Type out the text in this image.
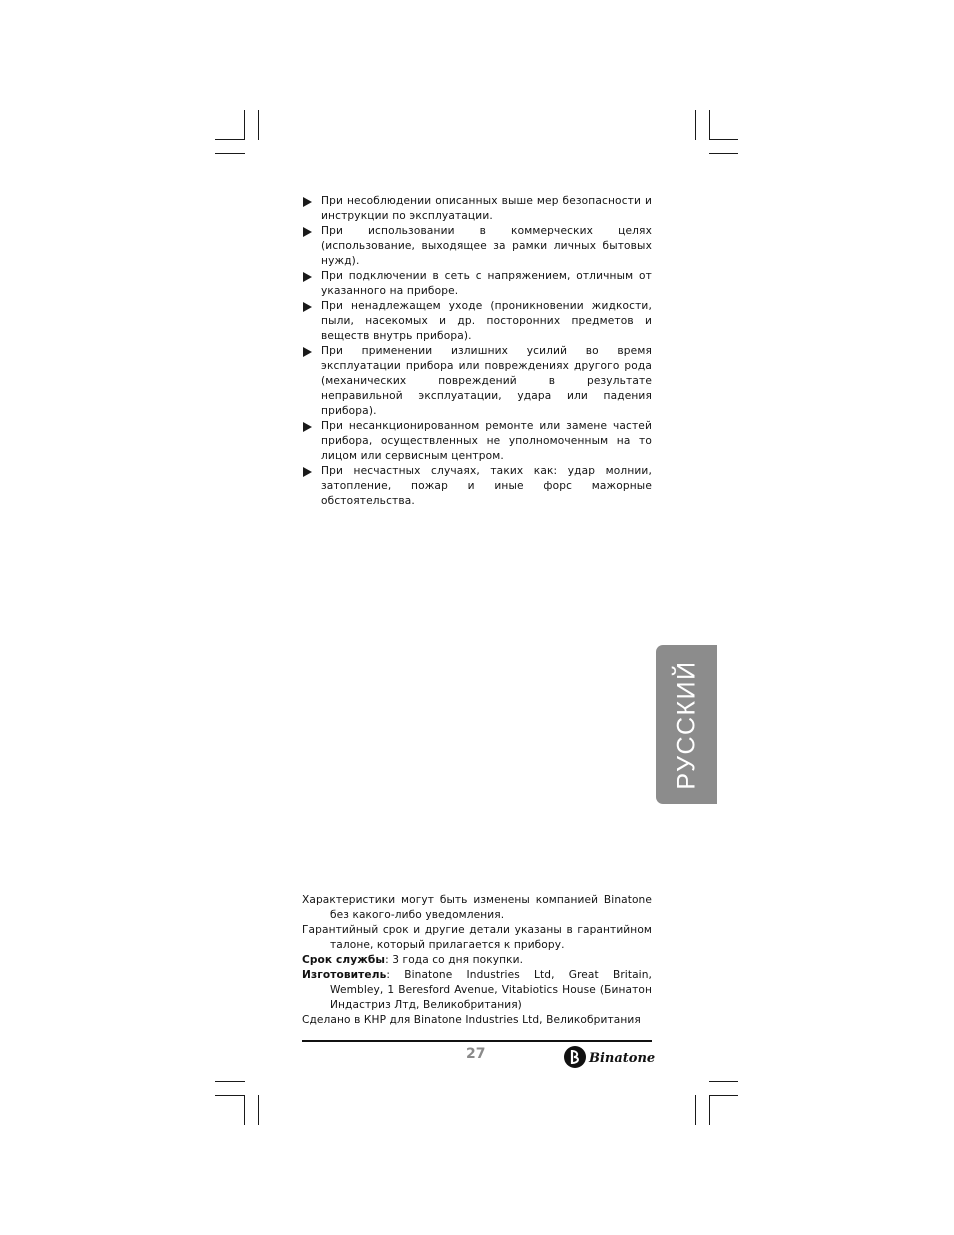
При несоблюдении описанных выше мер безопасности и инструкции по эксплуатации.
При использовании в коммерческих целях (использование, выходящее за рамки личных бытовых нужд).
При подключении в сеть с напряжением, отличным от указанного на приборе.
При ненадлежащем уходе (проникновении жидкости, пыли, насекомых и др. посторонних предметов и веществ внутрь прибора).
При применении излишних усилий во время эксплуатации прибора или повреждениях другого рода (механических повреждений в результате неправильной эксплуатации, удара или падения прибора).
При несанкционированном ремонте или замене частей прибора, осуществленных не уполномоченным на то лицом или сервисным центром.
При несчастных случаях, таких как: удар молнии, затопление, пожар и иные форс мажорные обстоятельства.
РУССКИЙ

Характеристики могут быть изменены компанией Binatone без какого-либо уведомления.

Гарантийный срок и другие детали указаны в гарантийном талоне, который прилагается к прибору.

Срок службы: 3 года со дня покупки.

Изготовитель: Binatone Industries Ltd, Great Britain, Wembley, 1 Beresford Avenue, Vitabiotics House (Бинатон Индастриз Лтд, Великобритания)

Сделано в КНР для Binatone Industries Ltd, Великобритания

27	Binatone
